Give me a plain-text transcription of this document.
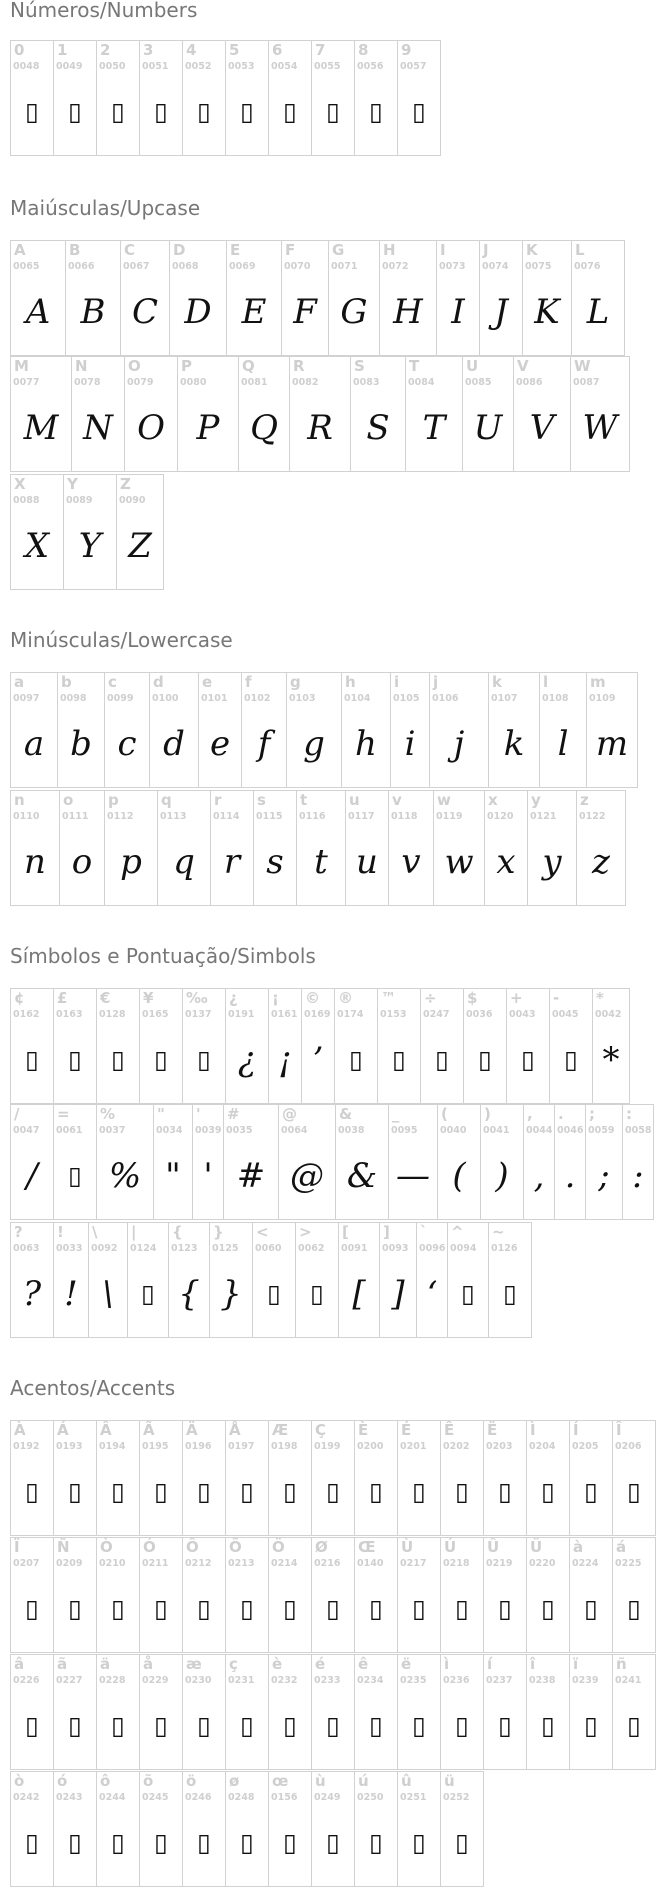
Números/Numbers
0
0048
▯
1
0049
▯
2
0050
▯
3
0051
▯
4
0052
▯
5
0053
▯
6
0054
▯
7
0055
▯
8
0056
▯
9
0057
▯
Maiúsculas/Upcase
A
0065
A
B
0066
B
C
0067
C
D
0068
D
E
0069
E
F
0070
F
G
0071
G
H
0072
H
I
0073
I
J
0074
J
K
0075
K
L
0076
L
M
0077
M
N
0078
N
O
0079
O
P
0080
P
Q
0081
Q
R
0082
R
S
0083
S
T
0084
T
U
0085
U
V
0086
V
W
0087
W
X
0088
X
Y
0089
Y
Z
0090
Z
Minúsculas/Lowercase
a
0097
a
b
0098
b
c
0099
c
d
0100
d
e
0101
e
f
0102
f
g
0103
g
h
0104
h
i
0105
i
j
0106
j
k
0107
k
l
0108
l
m
0109
m
n
0110
n
o
0111
o
p
0112
p
q
0113
q
r
0114
r
s
0115
s
t
0116
t
u
0117
u
v
0118
v
w
0119
w
x
0120
x
y
0121
y
z
0122
z
Símbolos e Pontuação/Simbols
¢
0162
▯
£
0163
▯
€
0128
▯
¥
0165
▯
‰
0137
▯
¿
0191
¿
¡
0161
¡
©
0169
’
®
0174
▯
™
0153
▯
÷
0247
▯
$
0036
▯
+
0043
▯
-
0045
▯
*
0042
*
/
0047
/
=
0061
▯
%
0037
%
"
0034
"
'
0039
'
#
0035
#
@
0064
@
&
0038
&
_
0095
—
(
0040
(
)
0041
)
,
0044
,
.
0046
.
;
0059
;
:
0058
:
?
0063
?
!
0033
!
\
0092
\
|
0124
▯
{
0123
{
}
0125
}
<
0060
▯
>
0062
▯
[
0091
[
]
0093
]
`
0096
‘
^
0094
▯
~
0126
▯
Acentos/Accents
À
0192
▯
Á
0193
▯
Â
0194
▯
Ã
0195
▯
Ä
0196
▯
Å
0197
▯
Æ
0198
▯
Ç
0199
▯
È
0200
▯
É
0201
▯
Ê
0202
▯
Ë
0203
▯
Ì
0204
▯
Í
0205
▯
Î
0206
▯
Ï
0207
▯
Ñ
0209
▯
Ò
0210
▯
Ó
0211
▯
Ô
0212
▯
Õ
0213
▯
Ö
0214
▯
Ø
0216
▯
Œ
0140
▯
Ù
0217
▯
Ú
0218
▯
Û
0219
▯
Ü
0220
▯
à
0224
▯
á
0225
▯
â
0226
▯
ã
0227
▯
ä
0228
▯
å
0229
▯
æ
0230
▯
ç
0231
▯
è
0232
▯
é
0233
▯
ê
0234
▯
ë
0235
▯
ì
0236
▯
í
0237
▯
î
0238
▯
ï
0239
▯
ñ
0241
▯
ò
0242
▯
ó
0243
▯
ô
0244
▯
õ
0245
▯
ö
0246
▯
ø
0248
▯
œ
0156
▯
ù
0249
▯
ú
0250
▯
û
0251
▯
ü
0252
▯
